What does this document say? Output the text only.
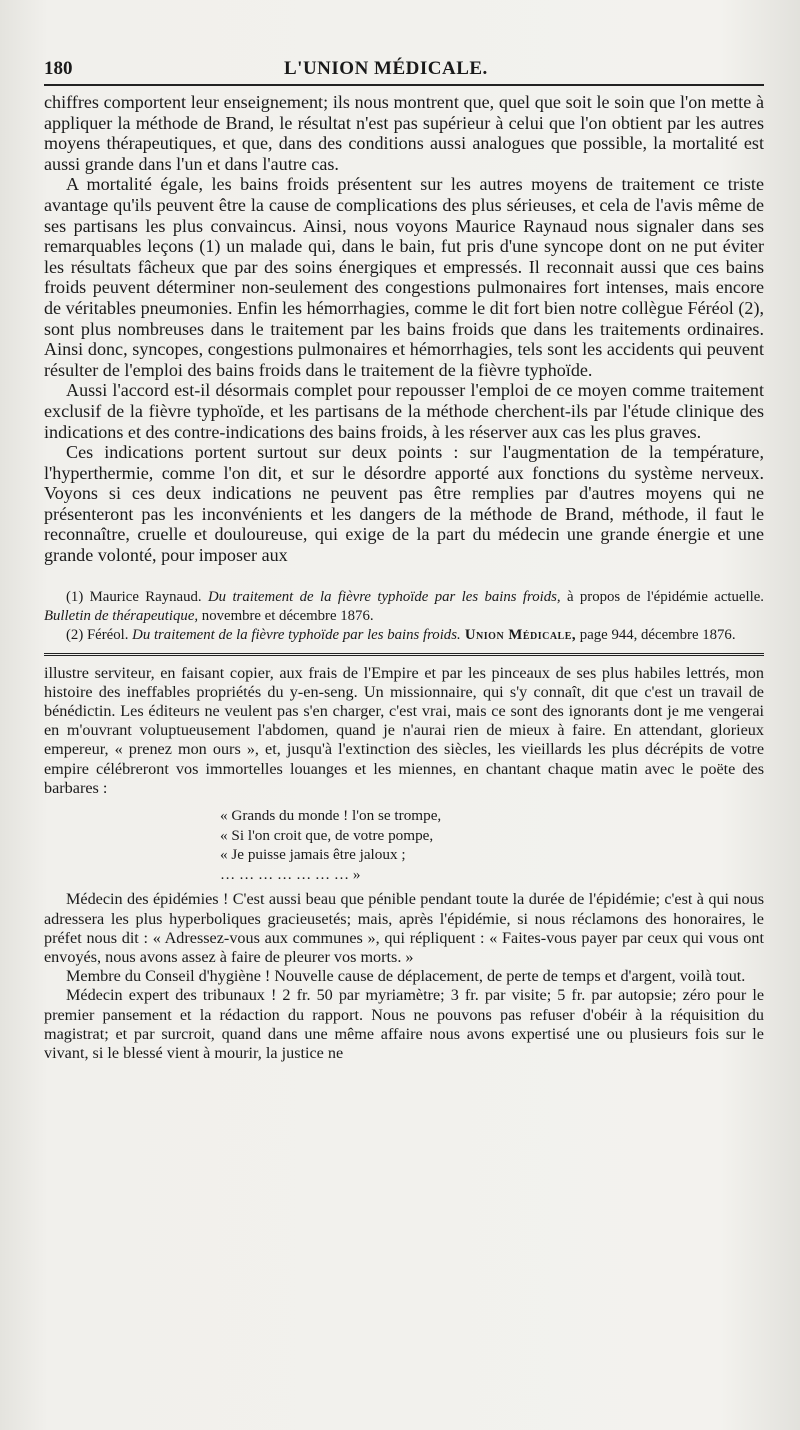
180	L'UNION MÉDICALE.

chiffres comportent leur enseignement; ils nous montrent que, quel que soit le soin que l'on mette à appliquer la méthode de Brand, le résultat n'est pas supérieur à celui que l'on obtient par les autres moyens thérapeutiques, et que, dans des conditions aussi analogues que possible, la mortalité est aussi grande dans l'un et dans l'autre cas.

A mortalité égale, les bains froids présentent sur les autres moyens de traitement ce triste avantage qu'ils peuvent être la cause de complications des plus sérieuses, et cela de l'avis même de ses partisans les plus convaincus. Ainsi, nous voyons Maurice Raynaud nous signaler dans ses remarquables leçons (1) un malade qui, dans le bain, fut pris d'une syncope dont on ne put éviter les résultats fâcheux que par des soins énergiques et empressés. Il reconnait aussi que ces bains froids peuvent déterminer non-seulement des congestions pulmonaires fort intenses, mais encore de véritables pneumonies. Enfin les hémorrhagies, comme le dit fort bien notre collègue Féréol (2), sont plus nombreuses dans le traitement par les bains froids que dans les traitements ordinaires. Ainsi donc, syncopes, congestions pulmonaires et hémorrhagies, tels sont les accidents qui peuvent résulter de l'emploi des bains froids dans le traitement de la fièvre typhoïde.

Aussi l'accord est-il désormais complet pour repousser l'emploi de ce moyen comme traitement exclusif de la fièvre typhoïde, et les partisans de la méthode cherchent-ils par l'étude clinique des indications et des contre-indications des bains froids, à les réserver aux cas les plus graves.

Ces indications portent surtout sur deux points : sur l'augmentation de la température, l'hyperthermie, comme l'on dit, et sur le désordre apporté aux fonctions du système nerveux. Voyons si ces deux indications ne peuvent pas être remplies par d'autres moyens qui ne présenteront pas les inconvénients et les dangers de la méthode de Brand, méthode, il faut le reconnaître, cruelle et douloureuse, qui exige de la part du médecin une grande énergie et une grande volonté, pour imposer aux

(1) Maurice Raynaud. Du traitement de la fièvre typhoïde par les bains froids, à propos de l'épidémie actuelle. Bulletin de thérapeutique, novembre et décembre 1876.

(2) Féréol. Du traitement de la fièvre typhoïde par les bains froids. Union Médicale, page 944, décembre 1876.

illustre serviteur, en faisant copier, aux frais de l'Empire et par les pinceaux de ses plus habiles lettrés, mon histoire des ineffables propriétés du y-en-seng. Un missionnaire, qui s'y connaît, dit que c'est un travail de bénédictin. Les éditeurs ne veulent pas s'en charger, c'est vrai, mais ce sont des ignorants dont je me vengerai en m'ouvrant voluptueusement l'abdomen, quand je n'aurai rien de mieux à faire. En attendant, glorieux empereur, « prenez mon ours », et, jusqu'à l'extinction des siècles, les vieillards les plus décrépits de votre empire célébreront vos immortelles louanges et les miennes, en chantant chaque matin avec le poëte des barbares :

« Grands du monde ! l'on se trompe,
« Si l'on croit que, de votre pompe,
« Je puisse jamais être jaloux ;
… … … … … … … »

Médecin des épidémies ! C'est aussi beau que pénible pendant toute la durée de l'épidémie; c'est à qui nous adressera les plus hyperboliques gracieusetés; mais, après l'épidémie, si nous réclamons des honoraires, le préfet nous dit : « Adressez-vous aux communes », qui répliquent : « Faites-vous payer par ceux qui vous ont envoyés, nous avons assez à faire de pleurer vos morts. »

Membre du Conseil d'hygiène ! Nouvelle cause de déplacement, de perte de temps et d'argent, voilà tout.

Médecin expert des tribunaux ! 2 fr. 50 par myriamètre; 3 fr. par visite; 5 fr. par autopsie; zéro pour le premier pansement et la rédaction du rapport. Nous ne pouvons pas refuser d'obéir à la réquisition du magistrat; et par surcroit, quand dans une même affaire nous avons expertisé une ou plusieurs fois sur le vivant, si le blessé vient à mourir, la justice ne
